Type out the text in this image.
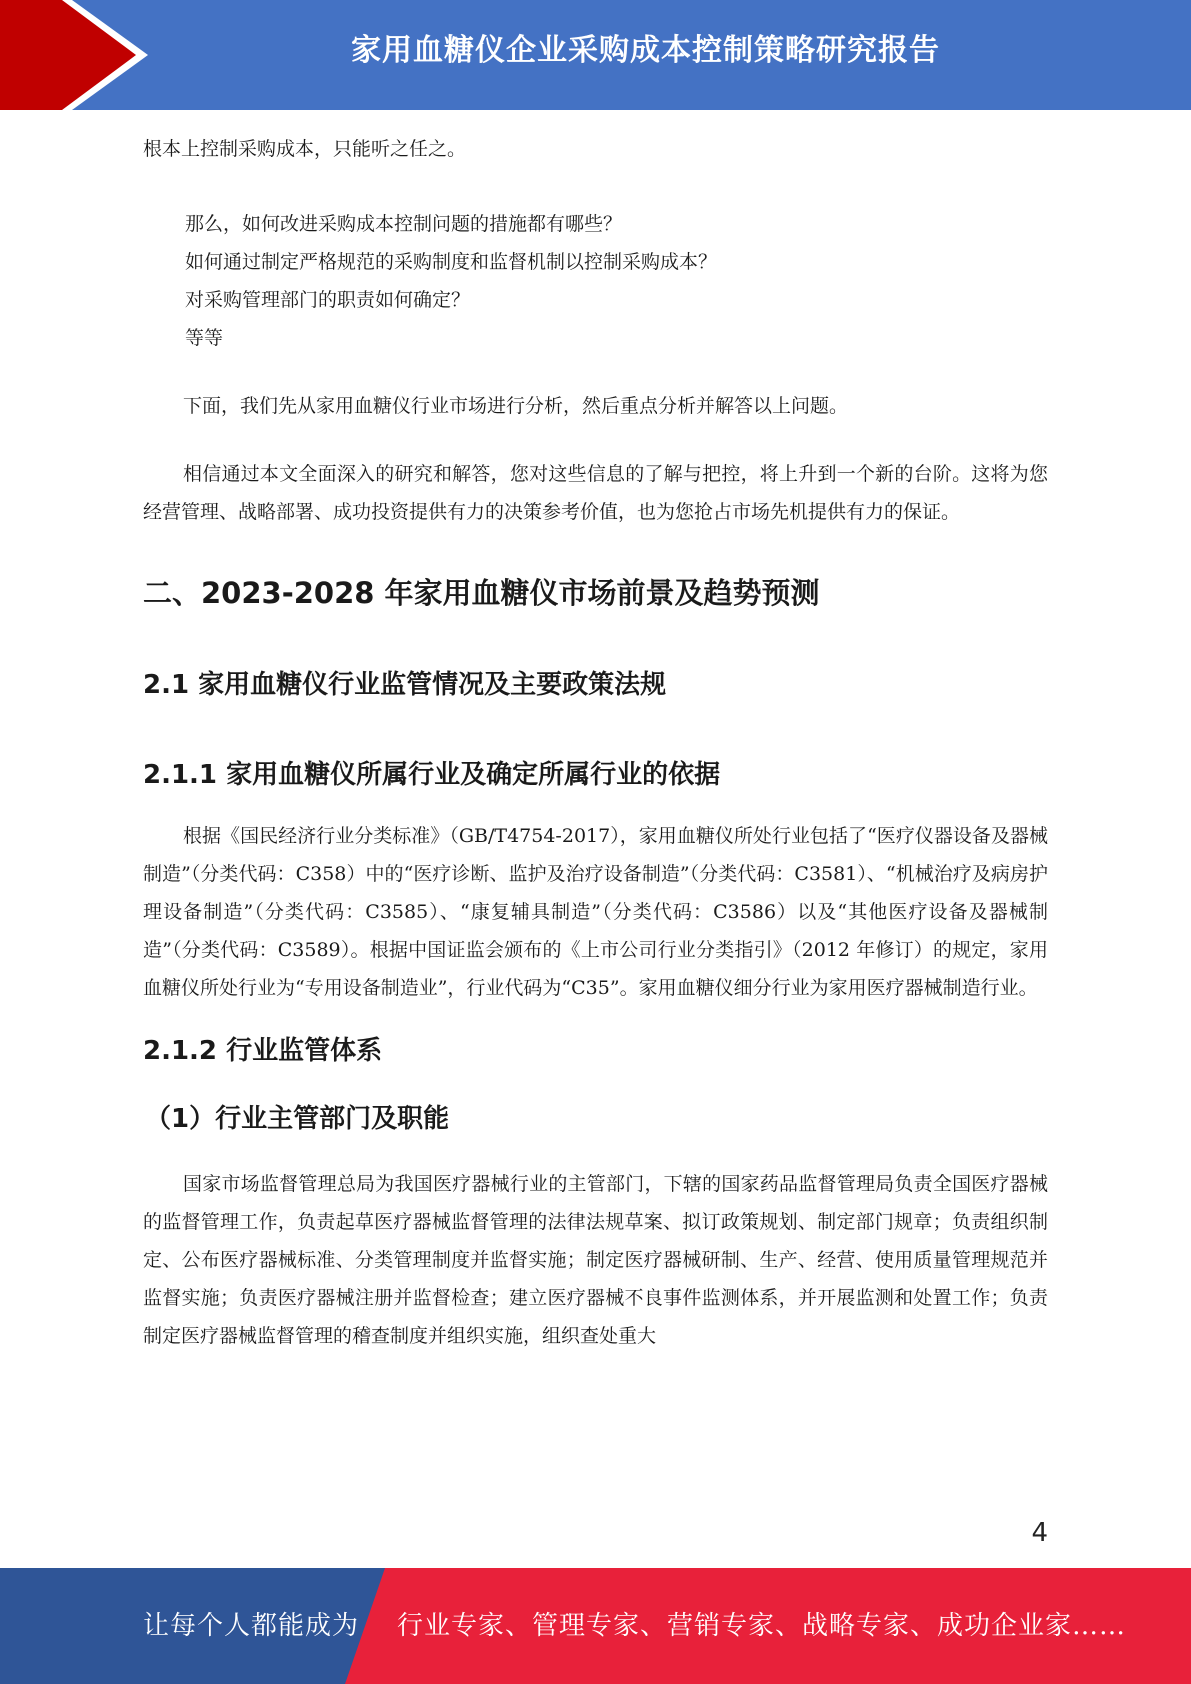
家用血糖仪企业采购成本控制策略研究报告

根本上控制采购成本，只能听之任之。

那么，如何改进采购成本控制问题的措施都有哪些？
如何通过制定严格规范的采购制度和监督机制以控制采购成本？
对采购管理部门的职责如何确定？
等等

下面，我们先从家用血糖仪行业市场进行分析，然后重点分析并解答以上问题。

相信通过本文全面深入的研究和解答，您对这些信息的了解与把控，将上升到一个新的台阶。这将为您经营管理、战略部署、成功投资提供有力的决策参考价值，也为您抢占市场先机提供有力的保证。

二、2023-2028 年家用血糖仪市场前景及趋势预测
2.1 家用血糖仪行业监管情况及主要政策法规
2.1.1 家用血糖仪所属行业及确定所属行业的依据

根据《国民经济行业分类标准》（GB/T4754-2017），家用血糖仪所处行业包括了“医疗仪器设备及器械制造”（分类代码：C358）中的“医疗诊断、监护及治疗设备制造”（分类代码：C3581）、“机械治疗及病房护理设备制造”（分类代码：C3585）、“康复辅具制造”（分类代码：C3586）以及“其他医疗设备及器械制造”（分类代码：C3589）。根据中国证监会颁布的《上市公司行业分类指引》（2012 年修订）的规定，家用血糖仪所处行业为“专用设备制造业”，行业代码为“C35”。家用血糖仪细分行业为家用医疗器械制造行业。

2.1.2 行业监管体系
（1）行业主管部门及职能

国家市场监督管理总局为我国医疗器械行业的主管部门，下辖的国家药品监督管理局负责全国医疗器械的监督管理工作，负责起草医疗器械监督管理的法律法规草案、拟订政策规划、制定部门规章；负责组织制定、公布医疗器械标准、分类管理制度并监督实施；制定医疗器械研制、生产、经营、使用质量管理规范并监督实施；负责医疗器械注册并监督检查；建立医疗器械不良事件监测体系，并开展监测和处置工作；负责制定医疗器械监督管理的稽查制度并组织实施，组织查处重大

4
让每个人都能成为 行业专家、管理专家、营销专家、战略专家、成功企业家……
